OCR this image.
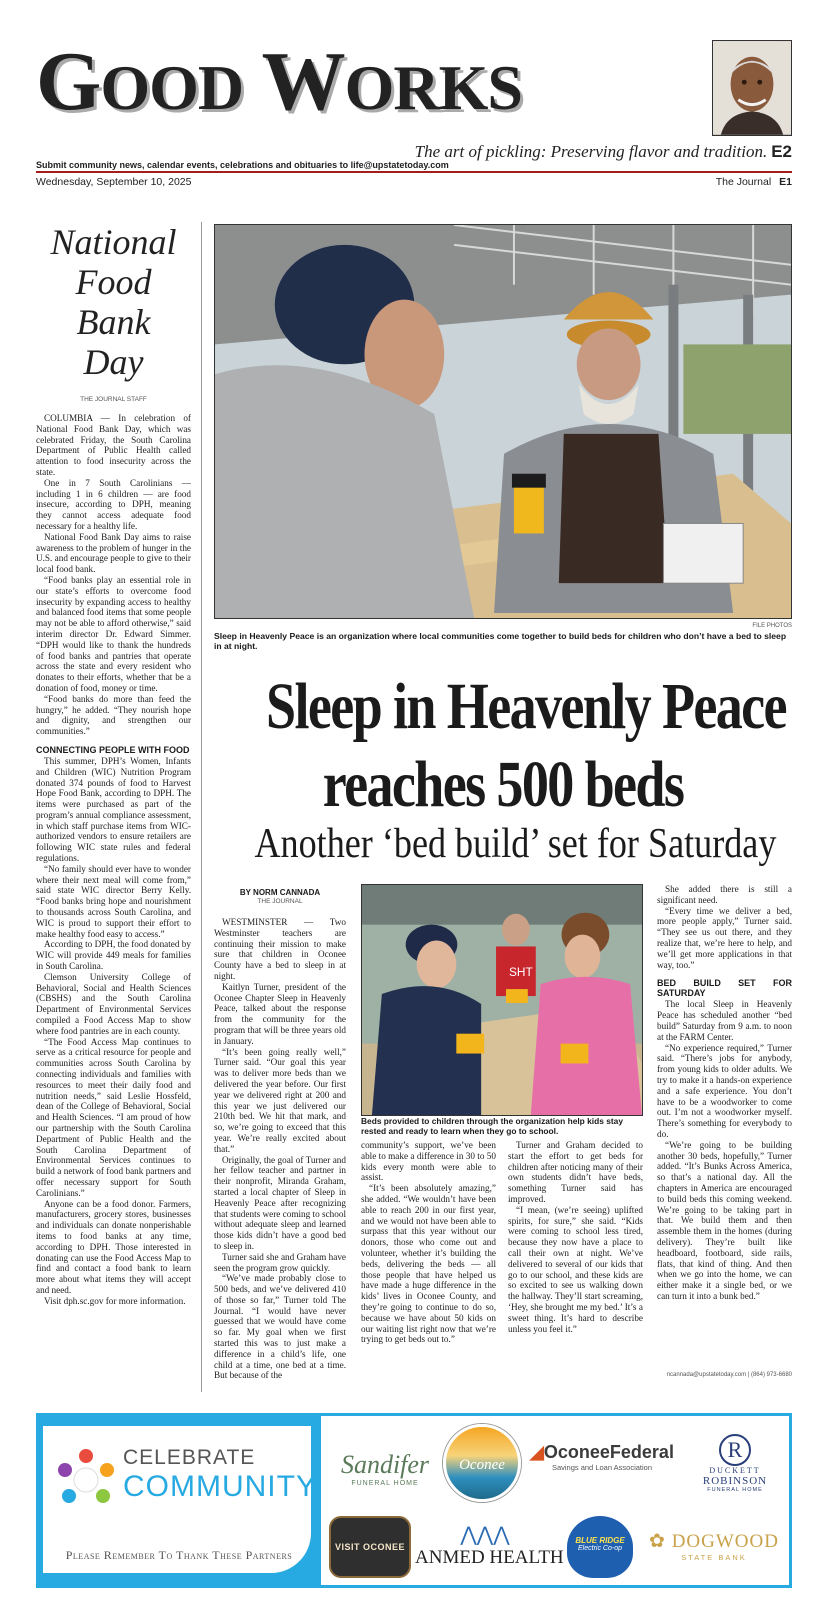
GOOD WORKS
The art of pickling: Preserving flavor and tradition. E2
Submit community news, calendar events, celebrations and obituaries to life@upstatetoday.com
Wednesday, September 10, 2025	The Journal E1
National
Food Bank
Day
THE JOURNAL STAFF

COLUMBIA — In celebration of National Food Bank Day, which was celebrated Friday, the South Carolina Department of Public Health called attention to food insecurity across the state.

One in 7 South Carolinians — including 1 in 6 children — are food insecure, according to DPH, meaning they cannot access adequate food necessary for a healthy life.

National Food Bank Day aims to raise awareness to the problem of hunger in the U.S. and encourage people to give to their local food bank.

“Food banks play an essential role in our state’s efforts to overcome food insecurity by expanding access to healthy and balanced food items that some people may not be able to afford otherwise,” said interim director Dr. Edward Simmer. “DPH would like to thank the hundreds of food banks and pantries that operate across the state and every resident who donates to their efforts, whether that be a donation of food, money or time.

“Food banks do more than feed the hungry,” he added. “They nourish hope and dignity, and strengthen our communities.”

CONNECTING PEOPLE WITH FOOD

This summer, DPH’s Women, Infants and Children (WIC) Nutrition Program donated 374 pounds of food to Harvest Hope Food Bank, according to DPH. The items were purchased as part of the program’s annual compliance assessment, in which staff purchase items from WIC-authorized vendors to ensure retailers are following WIC state rules and federal regulations.

“No family should ever have to wonder where their next meal will come from,” said state WIC director Berry Kelly. “Food banks bring hope and nourishment to thousands across South Carolina, and WIC is proud to support their effort to make healthy food easy to access.”

According to DPH, the food donated by WIC will provide 449 meals for families in South Carolina.

Clemson University College of Behavioral, Social and Health Sciences (CBSHS) and the South Carolina Department of Environmental Services compiled a Food Access Map to show where food pantries are in each county.

“The Food Access Map continues to serve as a critical resource for people and communities across South Carolina by connecting individuals and families with resources to meet their daily food and nutrition needs,” said Leslie Hossfeld, dean of the College of Behavioral, Social and Health Sciences. “I am proud of how our partnership with the South Carolina Department of Public Health and the South Carolina Department of Environmental Services continues to build a network of food bank partners and offer necessary support for South Carolinians.”

Anyone can be a food donor. Farmers, manufacturers, grocery stores, businesses and individuals can donate nonperishable items to food banks at any time, according to DPH. Those interested in donating can use the Food Access Map to find and contact a food bank to learn more about what items they will accept and need.

Visit dph.sc.gov for more information.

FILE PHOTOS
Sleep in Heavenly Peace is an organization where local communities come together to build beds for children who don’t have a bed to sleep in at night.
Sleep in Heavenly Peace
reaches 500 beds
Another ‘bed build’ set for Saturday
BY NORM CANNADA
THE JOURNAL

WESTMINSTER — Two Westminster teachers are continuing their mission to make sure that children in Oconee County have a bed to sleep in at night.

Kaitlyn Turner, president of the Oconee Chapter Sleep in Heavenly Peace, talked about the response from the community for the program that will be three years old in January.

“It’s been going really well,” Turner said. “Our goal this year was to deliver more beds than we delivered the year before. Our first year we delivered right at 200 and this year we just delivered our 210th bed. We hit that mark, and so, we’re going to exceed that this year. We’re really excited about that.”

Originally, the goal of Turner and her fellow teacher and partner in their nonprofit, Miranda Graham, started a local chapter of Sleep in Heavenly Peace after recognizing that students were coming to school without adequate sleep and learned those kids didn’t have a good bed to sleep in.

Turner said she and Graham have seen the program grow quickly.

“We’ve made probably close to 500 beds, and we’ve delivered 410 of those so far,” Turner told The Journal. “I would have never guessed that we would have come so far. My goal when we first started this was to just make a difference in a child’s life, one child at a time, one bed at a time. But because of the

SHT
Beds provided to children through the organization help kids stay rested and ready to learn when they go to school.

community’s support, we’ve been able to make a difference in 30 to 50 kids every month were able to assist.

“It’s been absolutely amazing,” she added. “We wouldn’t have been able to reach 200 in our first year, and we would not have been able to surpass that this year without our donors, those who come out and volunteer, whether it’s building the beds, delivering the beds — all those people that have helped us have made a huge difference in the kids’ lives in Oconee County, and they’re going to continue to do so, because we have about 50 kids on our waiting list right now that we’re trying to get beds out to.”

Turner and Graham decided to start the effort to get beds for children after noticing many of their own students didn’t have beds, something Turner said has improved.

“I mean, (we’re seeing) uplifted spirits, for sure,” she said. “Kids were coming to school less tired, because they now have a place to call their own at night. We’ve delivered to several of our kids that go to our school, and these kids are so excited to see us walking down the hallway. They’ll start screaming, ‘Hey, she brought me my bed.’ It’s a sweet thing. It’s hard to describe unless you feel it.”

She added there is still a significant need.

“Every time we deliver a bed, more people apply,” Turner said. “They see us out there, and they realize that, we’re here to help, and we’ll get more applications in that way, too.”

BED BUILD SET FOR SATURDAY

The local Sleep in Heavenly Peace has scheduled another “bed build” Saturday from 9 a.m. to noon at the FARM Center.

“No experience required,” Turner said. “There’s jobs for anybody, from young kids to older adults. We try to make it a hands-on experience and a safe experience. You don’t have to be a woodworker to come out. I’m not a woodworker myself. There’s something for everybody to do.

“We’re going to be building another 30 beds, hopefully,” Turner added. “It’s Bunks Across America, so that’s a national day. All the chapters in America are encouraged to build beds this coming weekend. We’re going to be taking part in that. We build them and then assemble them in the homes (during delivery). They’re built like headboard, footboard, side rails, flats, that kind of thing. And then when we go into the home, we can either make it a single bed, or we can turn it into a bunk bed.”

ncannada@upstatetoday.com | (864) 973-6680
CELEBRATE
COMMUNITY
Please Remember To Thank These Partners
Sandifer
FUNERAL HOME
Oconee
◢OconeeFederal
Savings and Loan Association
R
DUCKETT
ROBINSON
FUNERAL HOME
VISIT OCONEE
⋀⋀⋀
ANMED HEALTH
BLUE RIDGE
Electric Co-op	✿ DOGWOOD
STATE BANK
